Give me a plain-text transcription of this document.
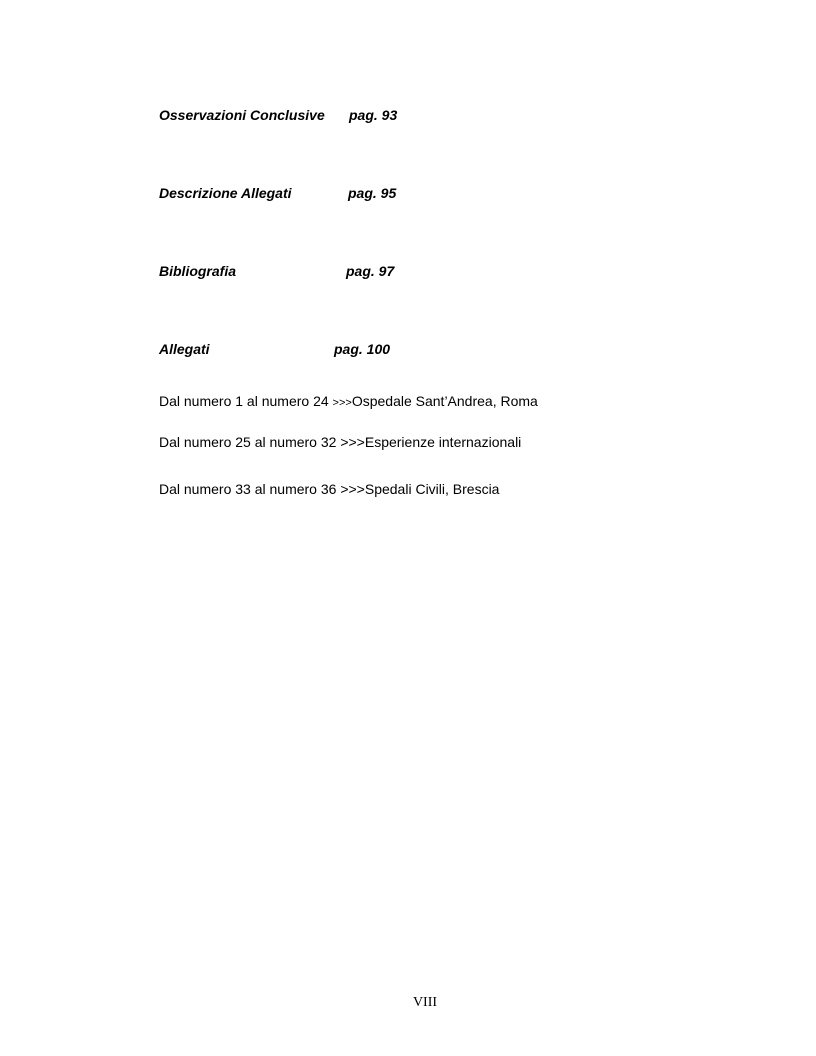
Osservazioni Conclusive pag. 93
Descrizione Allegati	pag. 95
Bibliografia	pag. 97
Allegati	pag. 100
Dal numero 1 al numero 24 >>>Ospedale Sant’Andrea, Roma
Dal numero 25 al numero 32 >>>Esperienze internazionali
Dal numero 33 al numero 36 >>>Spedali Civili, Brescia
VIII
